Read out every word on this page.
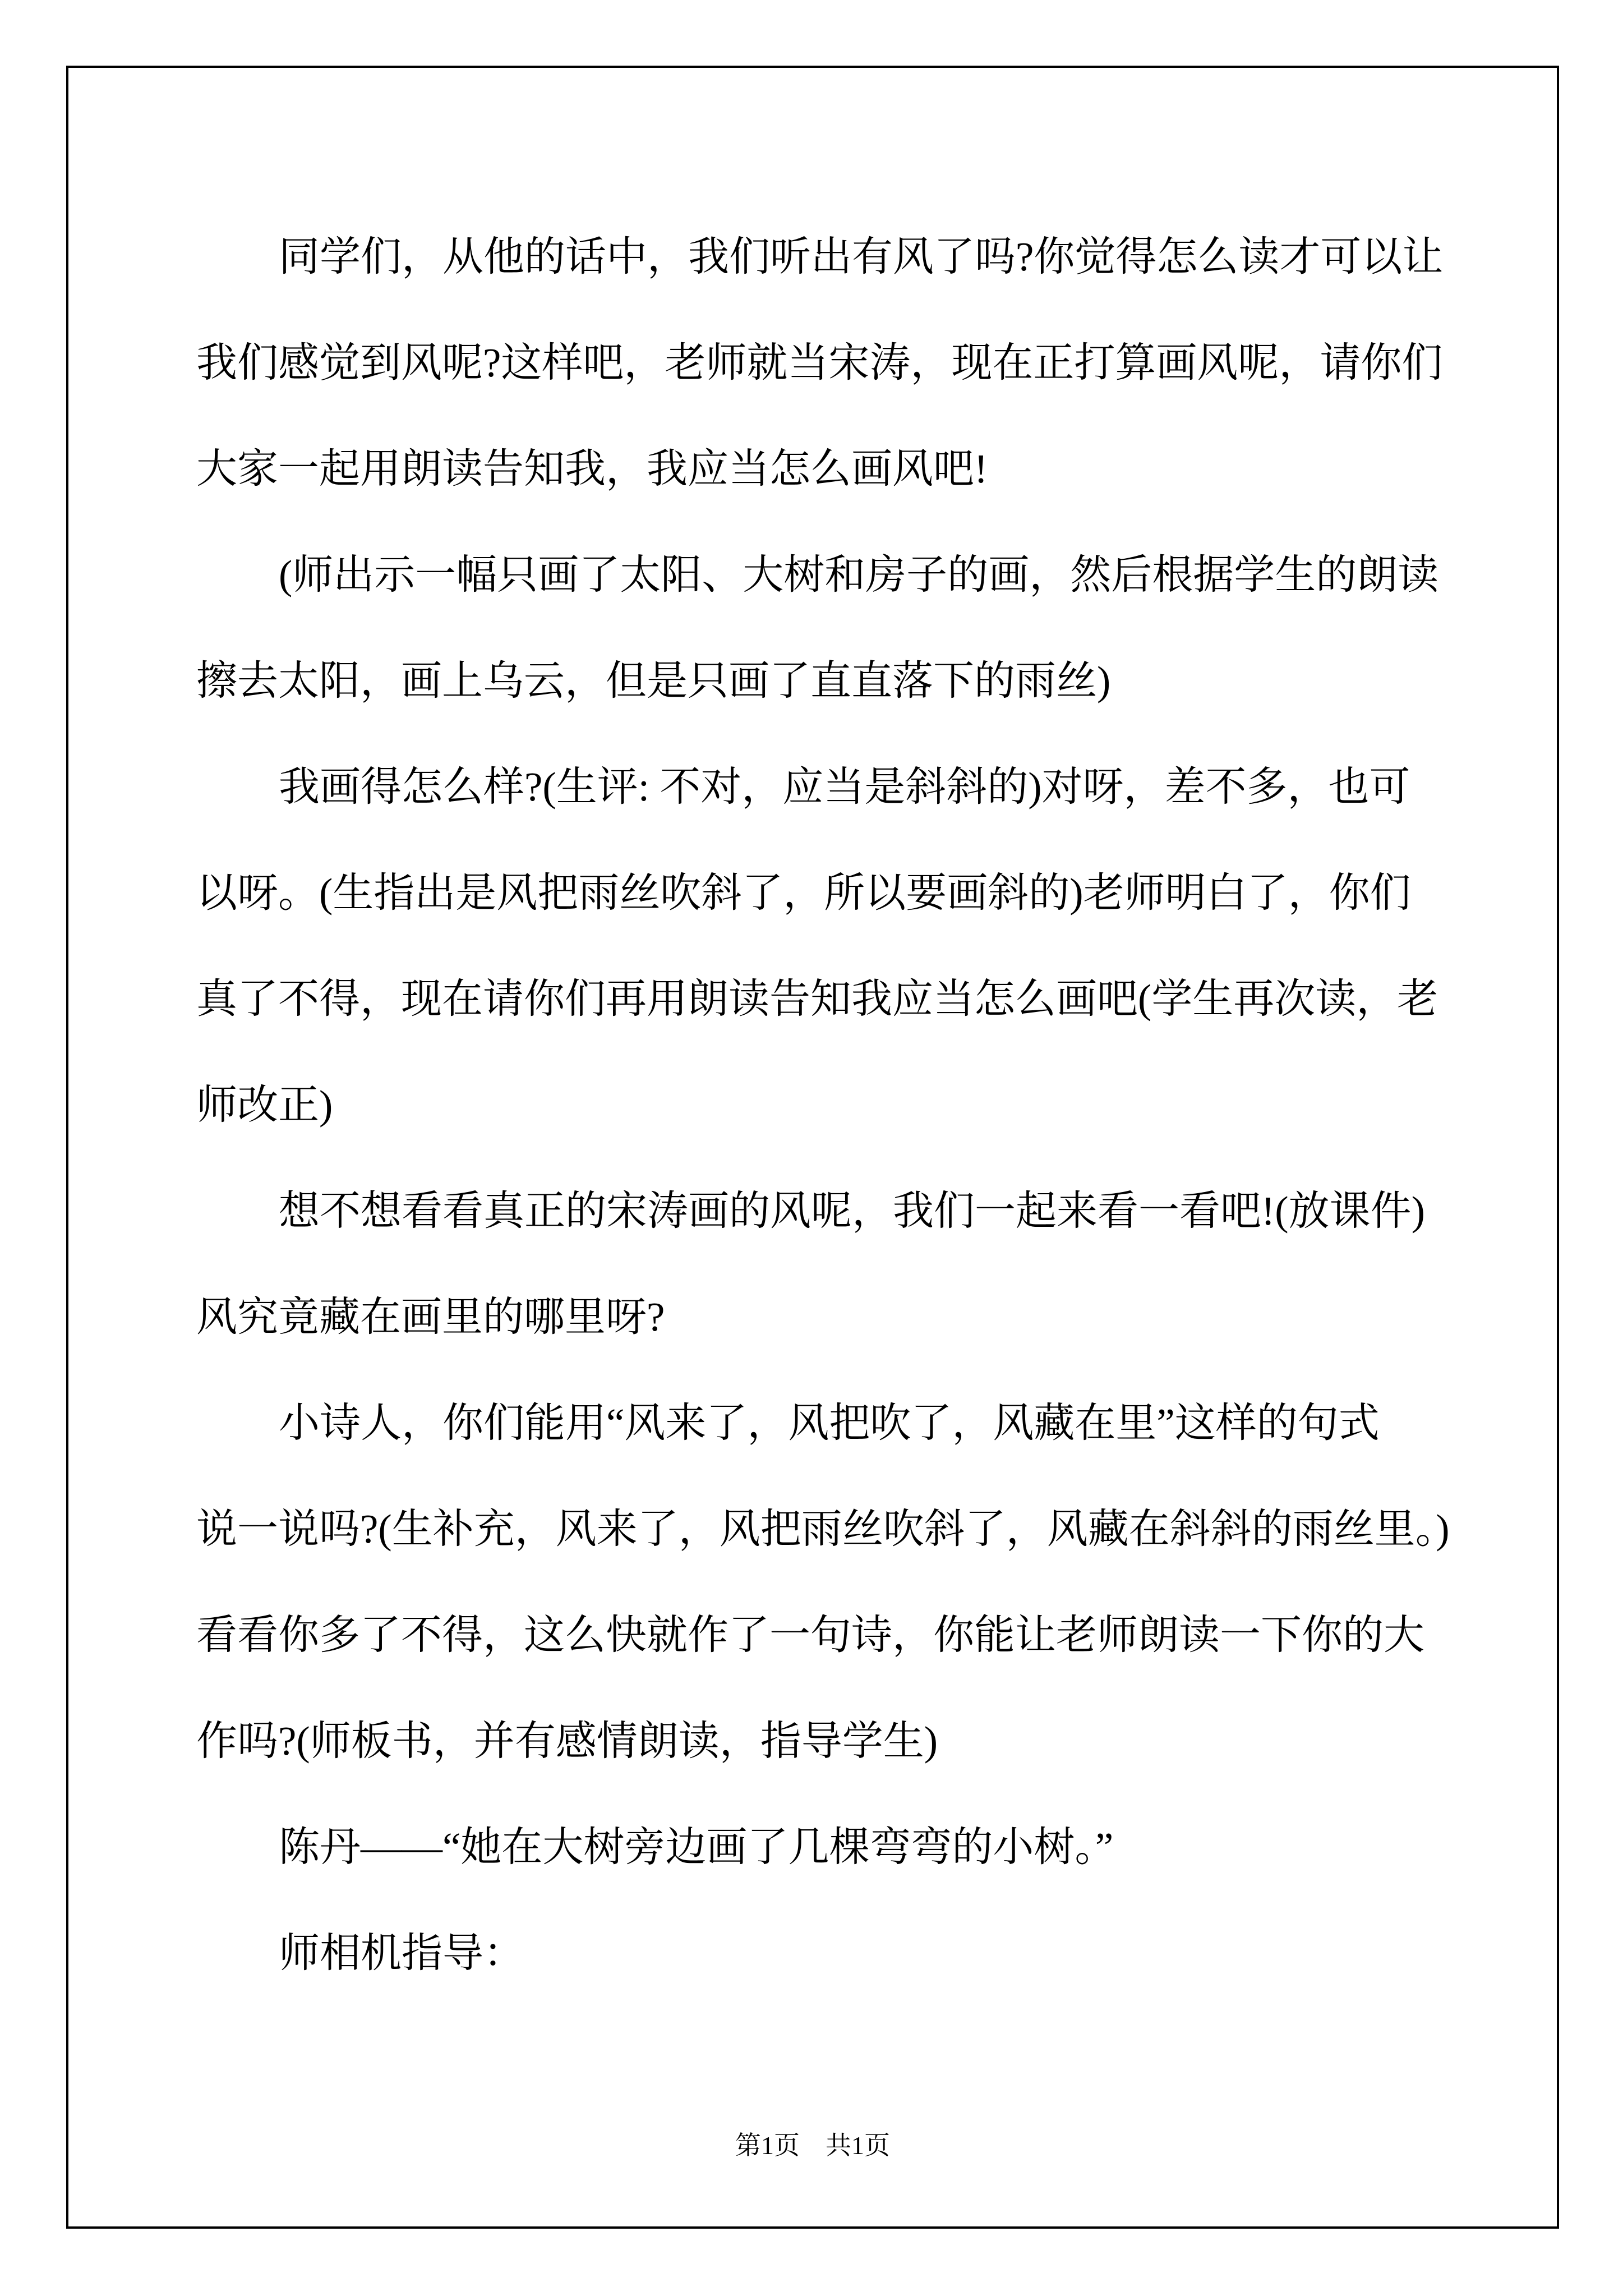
同学们，从他的话中，我们听出有风了吗?你觉得怎么读才可以让
我们感觉到风呢?这样吧，老师就当宋涛，现在正打算画风呢，请你们
大家一起用朗读告知我，我应当怎么画风吧!
(师出示一幅只画了太阳、大树和房子的画，然后根据学生的朗读
擦去太阳，画上乌云，但是只画了直直落下的雨丝)
我画得怎么样?(生评: 不对，应当是斜斜的)对呀，差不多，也可
以呀。(生指出是风把雨丝吹斜了，所以要画斜的)老师明白了，你们
真了不得，现在请你们再用朗读告知我应当怎么画吧(学生再次读，老
师改正)
想不想看看真正的宋涛画的风呢，我们一起来看一看吧!(放课件)
风究竟藏在画里的哪里呀?
小诗人，你们能用“风来了，风把吹了，风藏在里”这样的句式
说一说吗?(生补充，风来了，风把雨丝吹斜了，风藏在斜斜的雨丝里。)
看看你多了不得，这么快就作了一句诗，你能让老师朗读一下你的大
作吗?(师板书，并有感情朗读，指导学生)
陈丹——“她在大树旁边画了几棵弯弯的小树。”
师相机指导：
第1页　共1页
